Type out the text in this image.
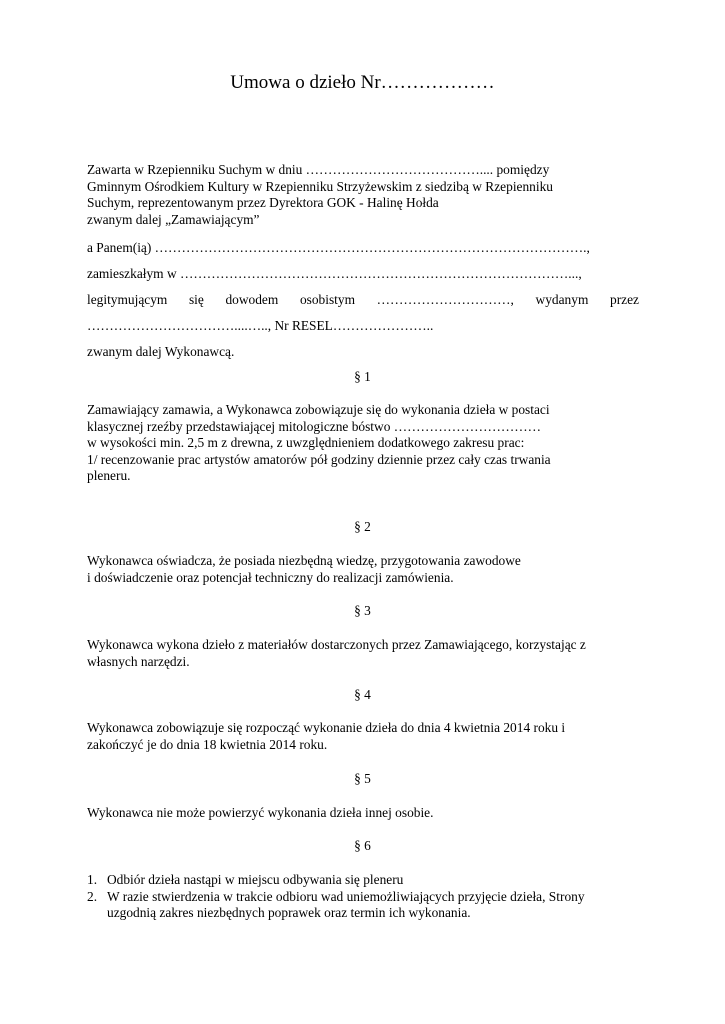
Umowa o dzieło Nr………………
Zawarta w Rzepienniku Suchym w dniu ………………………………….... pomiędzy
Gminnym Ośrodkiem Kultury w Rzepienniku Strzyżewskim z siedzibą w Rzepienniku
Suchym, reprezentowanym przez Dyrektora GOK - Halinę Hołda
zwanym dalej „Zamawiającym”
a Panem(ią) …………………………………………………………………………………….,
zamieszkałym w ……………………………………………………………………………...,
legitymującym się dowodem osobistym …………………………, wydanym przez
……………………………....….., Nr RESEL…………………..
zwanym dalej Wykonawcą.
§ 1
Zamawiający zamawia, a Wykonawca zobowiązuje się do wykonania dzieła w postaci
klasycznej rzeźby przedstawiającej mitologiczne bóstwo ……………………………
w wysokości min. 2,5 m z drewna, z uwzględnieniem dodatkowego zakresu prac:
1/ recenzowanie prac artystów amatorów pół godziny dziennie przez cały czas trwania
pleneru.
§ 2
Wykonawca oświadcza, że posiada niezbędną wiedzę, przygotowania zawodowe
i doświadczenie oraz potencjał techniczny do realizacji zamówienia.
§ 3
Wykonawca wykona dzieło z materiałów dostarczonych przez Zamawiającego, korzystając z
własnych narzędzi.
§ 4
Wykonawca zobowiązuje się rozpocząć wykonanie dzieła do dnia 4 kwietnia 2014 roku i
zakończyć je do dnia 18 kwietnia 2014 roku.
§ 5
Wykonawca nie może powierzyć wykonania dzieła innej osobie.
§ 6
1. Odbiór dzieła nastąpi w miejscu odbywania się pleneru
2. W razie stwierdzenia w trakcie odbioru wad uniemożliwiających przyjęcie dzieła, Strony
uzgodnią zakres niezbędnych poprawek oraz termin ich wykonania.
